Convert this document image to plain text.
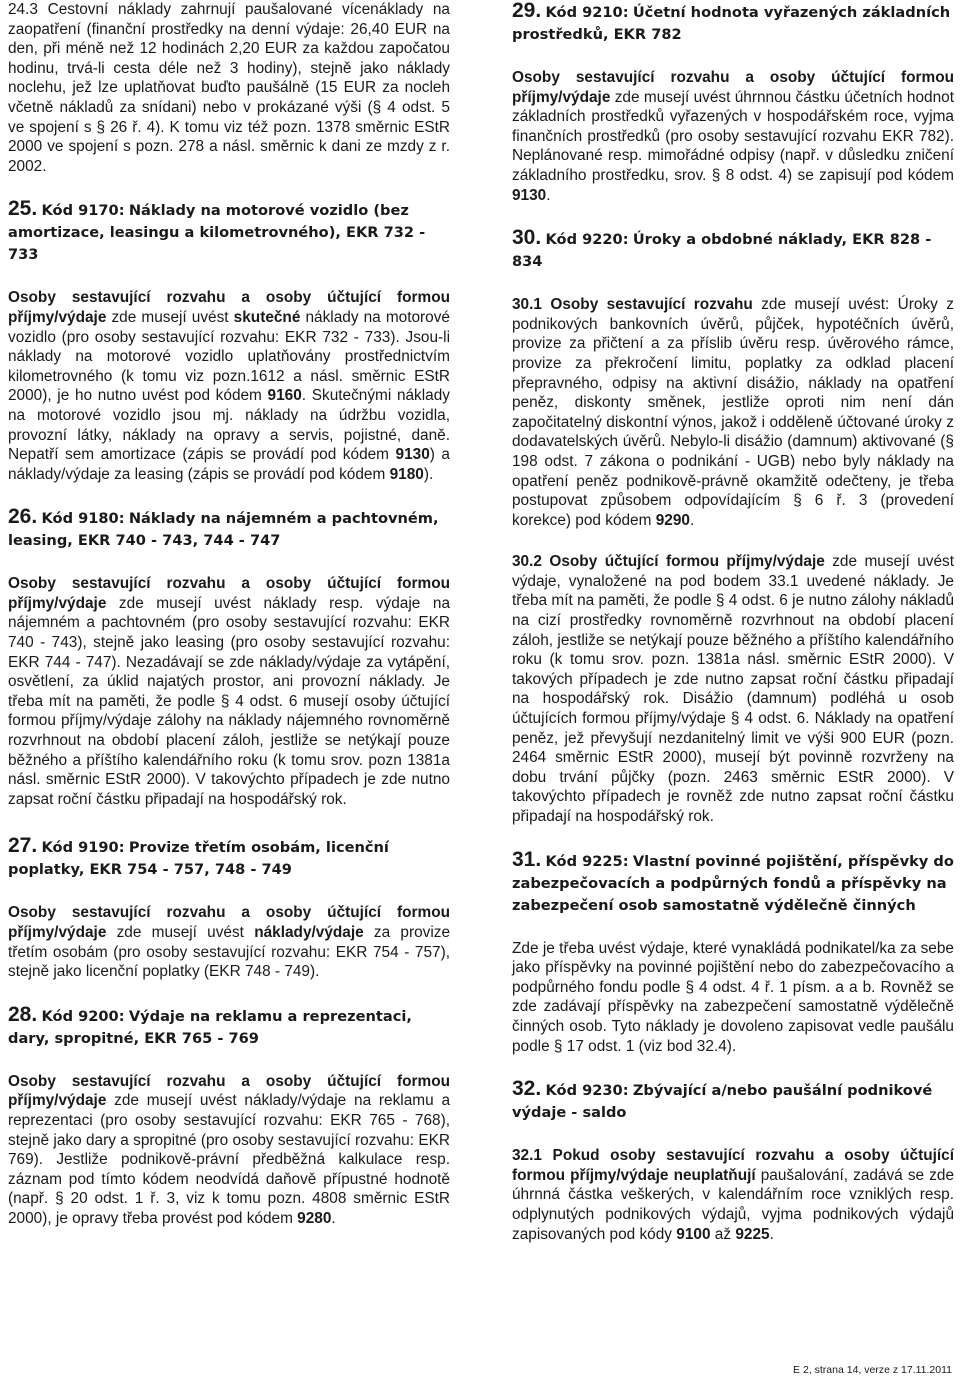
24.3 Cestovní náklady zahrnují paušalované vícenáklady na zaopatření (finanční prostředky na denní výdaje: 26,40 EUR na den, při méně než 12 hodinách 2,20 EUR za každou započatou hodinu, trvá-li cesta déle než 3 hodiny), stejně jako náklady noclehu, jež lze uplatňovat buďto paušálně (15 EUR za nocleh včetně nákladů za snídani) nebo v prokázané výši (§ 4 odst. 5 ve spojení s § 26 ř. 4). K tomu viz též pozn. 1378 směrnic EStR 2000 ve spojení s pozn. 278 a násl. směrnic k dani ze mzdy z r. 2002.

25. Kód 9170: Náklady na motorové vozidlo (bez amortizace, leasingu a kilometrovného), EKR 732 - 733

Osoby sestavující rozvahu a osoby účtující formou příjmy/výdaje zde musejí uvést skutečné náklady na motorové vozidlo (pro osoby sestavující rozvahu: EKR 732 - 733). Jsou-li náklady na motorové vozidlo uplatňovány prostřednictvím kilometrovného (k tomu viz pozn.1612 a násl. směrnic EStR 2000), je ho nutno uvést pod kódem 9160. Skutečnými náklady na motorové vozidlo jsou mj. náklady na údržbu vozidla, provozní látky, náklady na opravy a servis, pojistné, daně. Nepatří sem amortizace (zápis se provádí pod kódem 9130) a náklady/výdaje za leasing (zápis se provádí pod kódem 9180).

26. Kód 9180: Náklady na nájemném a pachtovném, leasing, EKR 740 - 743, 744 - 747

Osoby sestavující rozvahu a osoby účtující formou příjmy/výdaje zde musejí uvést náklady resp. výdaje na nájemném a pachtovném (pro osoby sestavující rozvahu: EKR 740 - 743), stejně jako leasing (pro osoby sestavující rozvahu: EKR 744 - 747). Nezadávají se zde náklady/výdaje za vytápění, osvětlení, za úklid najatých prostor, ani provozní náklady. Je třeba mít na paměti, že podle § 4 odst. 6 musejí osoby účtující formou příjmy/výdaje zálohy na náklady nájemného rovnoměrně rozvrhnout na období placení záloh, jestliže se netýkají pouze běžného a příštího kalendářního roku (k tomu srov. pozn 1381a násl. směrnic EStR 2000). V takovýchto případech je zde nutno zapsat roční částku připadají na hospodářský rok.

27. Kód 9190: Provize třetím osobám, licenční poplatky, EKR 754 - 757, 748 - 749

Osoby sestavující rozvahu a osoby účtující formou příjmy/výdaje zde musejí uvést náklady/výdaje za provize třetím osobám (pro osoby sestavující rozvahu: EKR 754 - 757), stejně jako licenční poplatky (EKR 748 - 749).

28. Kód 9200: Výdaje na reklamu a reprezentaci, dary, spropitné, EKR 765 - 769

Osoby sestavující rozvahu a osoby účtující formou příjmy/výdaje zde musejí uvést náklady/výdaje na reklamu a reprezentaci (pro osoby sestavující rozvahu: EKR 765 - 768), stejně jako dary a spropitné (pro osoby sestavující rozvahu: EKR 769). Jestliže podnikově-právní předběžná kalkulace resp. záznam pod tímto kódem neodvídá daňově přípustné hodnotě (např. § 20 odst. 1 ř. 3, viz k tomu pozn. 4808 směrnic EStR 2000), je opravy třeba provést pod kódem 9280.

29. Kód 9210: Účetní hodnota vyřazených základních prostředků, EKR 782

Osoby sestavující rozvahu a osoby účtující formou příjmy/výdaje zde musejí uvést úhrnnou částku účetních hodnot základních prostředků vyřazených v hospodářském roce, vyjma finančních prostředků (pro osoby sestavující rozvahu EKR 782). Neplánované resp. mimořádné odpisy (např. v důsledku zničení základního prostředku, srov. § 8 odst. 4) se zapisují pod kódem 9130.

30. Kód 9220: Úroky a obdobné náklady, EKR 828 - 834

30.1 Osoby sestavující rozvahu zde musejí uvést: Úroky z podnikových bankovních úvěrů, půjček, hypotéčních úvěrů, provize za přičtení a za příslib úvěru resp. úvěrového rámce, provize za překročení limitu, poplatky za odklad placení přepravného, odpisy na aktivní disážio, náklady na opatření peněz, diskonty směnek, jestliže oproti nim není dán započitatelný diskontní výnos, jakož i odděleně účtované úroky z dodavatelských úvěrů. Nebylo-li disážio (damnum) aktivované (§ 198 odst. 7 zákona o podnikání - UGB) nebo byly náklady na opatření peněz podnikově-právně okamžitě odečteny, je třeba postupovat způsobem odpovídajícím § 6 ř. 3 (provedení korekce) pod kódem 9290.

30.2 Osoby účtující formou příjmy/výdaje zde musejí uvést výdaje, vynaložené na pod bodem 33.1 uvedené náklady. Je třeba mít na paměti, že podle § 4 odst. 6 je nutno zálohy nákladů na cizí prostředky rovnoměrně rozvrhnout na období placení záloh, jestliže se netýkají pouze běžného a příštího kalendářního roku (k tomu srov. pozn. 1381a násl. směrnic EStR 2000). V takových případech je zde nutno zapsat roční částku připadají na hospodářský rok. Disážio (damnum) podléhá u osob účtujících formou příjmy/výdaje § 4 odst. 6. Náklady na opatření peněz, jež převyšují nezdanitelný limit ve výši 900 EUR (pozn. 2464 směrnic EStR 2000), musejí být povinně rozvrženy na dobu trvání půjčky (pozn. 2463 směrnic EStR 2000). V takovýchto případech je rovněž zde nutno zapsat roční částku připadají na hospodářský rok.

31. Kód 9225: Vlastní povinné pojištění, příspěvky do zabezpečovacích a podpůrných fondů a příspěvky na zabezpečení osob samostatně výdělečně činných

Zde je třeba uvést výdaje, které vynakládá podnikatel/ka za sebe jako příspěvky na povinné pojištění nebo do zabezpečovacího a podpůrného fondu podle § 4 odst. 4 ř. 1 písm. a a b. Rovněž se zde zadávají příspěvky na zabezpečení samostatně výdělečně činných osob. Tyto náklady je dovoleno zapisovat vedle paušálu podle § 17 odst. 1 (viz bod 32.4).

32. Kód 9230: Zbývající a/nebo paušální podnikové výdaje - saldo

32.1 Pokud osoby sestavující rozvahu a osoby účtující formou příjmy/výdaje neuplatňují paušalování, zadává se zde úhrnná částka veškerých, v kalendářním roce vzniklých resp. odplynutých podnikových výdajů, vyjma podnikových výdajů zapisovaných pod kódy 9100 až 9225.

E 2, strana 14, verze z 17.11.2011
